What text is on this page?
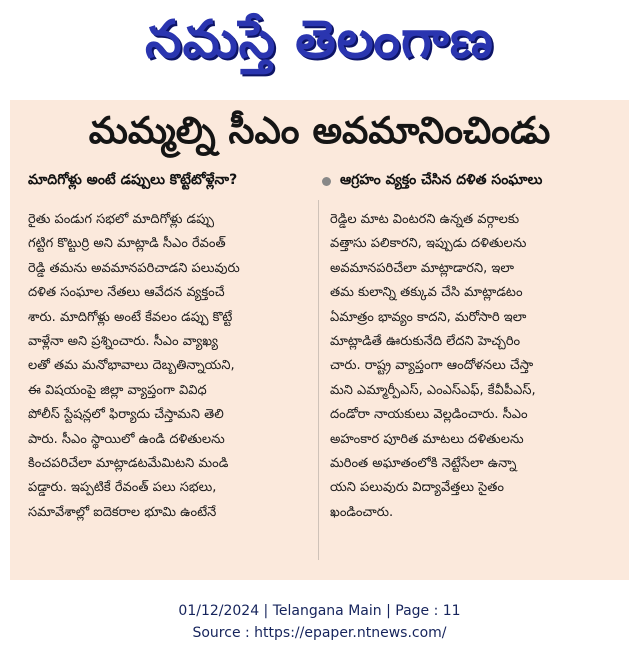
నమస్తే తెలంగాణ
మమ్మల్ని సీఎం అవమానించిండు
మాదిగోళ్లు అంటే డప్పులు కొట్టేటోళ్లేనా?	ఆగ్రహం వ్యక్తం చేసిన దళిత సంఘాలు
రైతు పండుగ సభలో మాదిగోళ్లు డప్పు
గట్టిగ కొట్టుర్రి అని మాట్లాడి సీఎం రేవంత్
రెడ్డి తమను అవమానపరిచాడని పలువురు
దళిత సంఘాల నేతలు ఆవేదన వ్యక్తంచే
శారు. మాదిగోళ్లు అంటే కేవలం డప్పు కొట్టే
వాళ్లేనా అని ప్రశ్నించారు. సీఎం వ్యాఖ్య
లతో తమ మనోభావాలు దెబ్బతిన్నాయని,
ఈ విషయంపై జిల్లా వ్యాప్తంగా వివిధ
పోలీస్ స్టేషన్లలో ఫిర్యాదు చేస్తామని తెలి
పారు. సీఎం స్థాయిలో ఉండి దళితులను
కించపరిచేలా మాట్లాడటమేమిటని మండి
పడ్డారు. ఇప్పటికే రేవంత్ పలు సభలు,
సమావేశాల్లో ఐదెకరాల భూమి ఉంటేనే
రెడ్డిల మాట వింటరని ఉన్నత వర్గాలకు
వత్తాసు పలికారని, ఇప్పుడు దళితులను
అవమానపరిచేలా మాట్లాడారని, ఇలా
తమ కులాన్ని తక్కువ చేసి మాట్లాడటం
ఏమాత్రం భావ్యం కాదని, మరోసారి ఇలా
మాట్లాడితే ఊరుకునేది లేదని హెచ్చరిం
చారు. రాష్ట్ర వ్యాప్తంగా ఆందోళనలు చేస్తా
మని ఎమ్మార్పీఎస్, ఎంఎస్ఎఫ్, కేవీపీఎస్,
దండోరా నాయకులు వెల్లడించారు. సీఎం
అహంకార పూరిత మాటలు దళితులను
మరింత అఘాతంలోకి నెట్టేసేలా ఉన్నా
యని పలువురు విద్యావేత్తలు సైతం
ఖండించారు.
01/12/2024 | Telangana Main | Page : 11
Source : https://epaper.ntnews.com/
